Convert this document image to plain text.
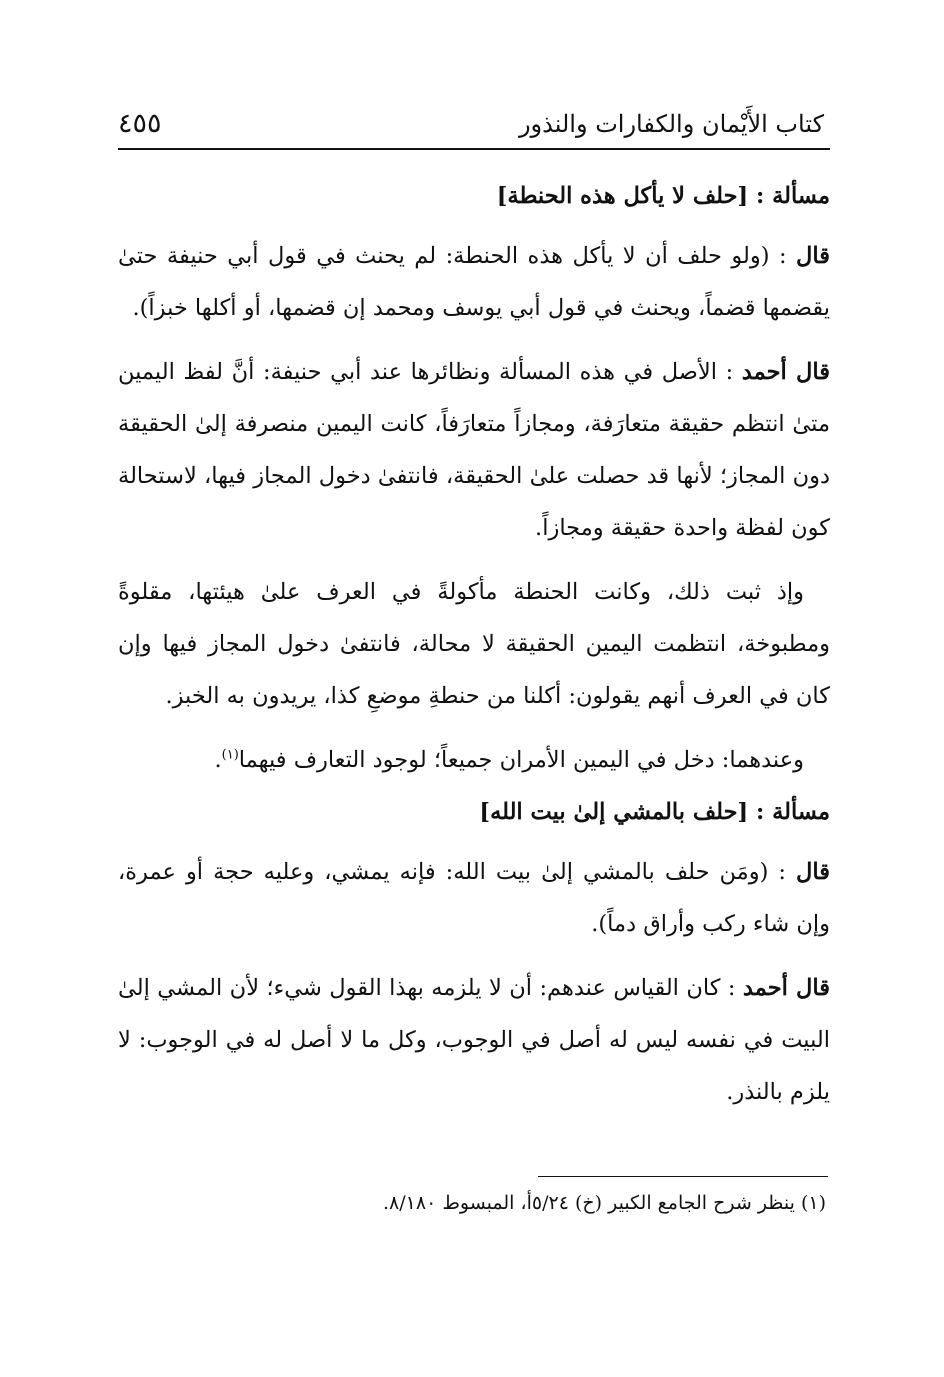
كتاب الأَيْمان والكفارات والنذور
٤٥٥

مسألة : [حلف لا يأكل هذه الحنطة]

قال : (ولو حلف أن لا يأكل هذه الحنطة: لم يحنث في قول أبي حنيفة حتىٰ يقضمها قضماً، ويحنث في قول أبي يوسف ومحمد إن قضمها، أو أكلها خبزاً).

قال أحمد : الأصل في هذه المسألة ونظائرها عند أبي حنيفة: أنَّ لفظ اليمين متىٰ انتظم حقيقة متعارَفة، ومجازاً متعارَفاً، كانت اليمين منصرفة إلىٰ الحقيقة دون المجاز؛ لأنها قد حصلت علىٰ الحقيقة، فانتفىٰ دخول المجاز فيها، لاستحالة كون لفظة واحدة حقيقة ومجازاً.

وإذ ثبت ذلك، وكانت الحنطة مأكولةً في العرف علىٰ هيئتها، مقلوةً ومطبوخة، انتظمت اليمين الحقيقة لا محالة، فانتفىٰ دخول المجاز فيها وإن كان في العرف أنهم يقولون: أكلنا من حنطةِ موضعِ كذا، يريدون به الخبز.

وعندهما: دخل في اليمين الأمران جميعاً؛ لوجود التعارف فيهما$^{(١)}$.

مسألة : [حلف بالمشي إلىٰ بيت الله]

قال : (ومَن حلف بالمشي إلىٰ بيت الله: فإنه يمشي، وعليه حجة أو عمرة، وإن شاء ركب وأراق دماً).

قال أحمد : كان القياس عندهم: أن لا يلزمه بهذا القول شيء؛ لأن المشي إلىٰ البيت في نفسه ليس له أصل في الوجوب، وكل ما لا أصل له في الوجوب: لا يلزم بالنذر.

(١) ينظر شرح الجامع الكبير (خ) ٥/٢٤أ، المبسوط ٨/١٨٠.
